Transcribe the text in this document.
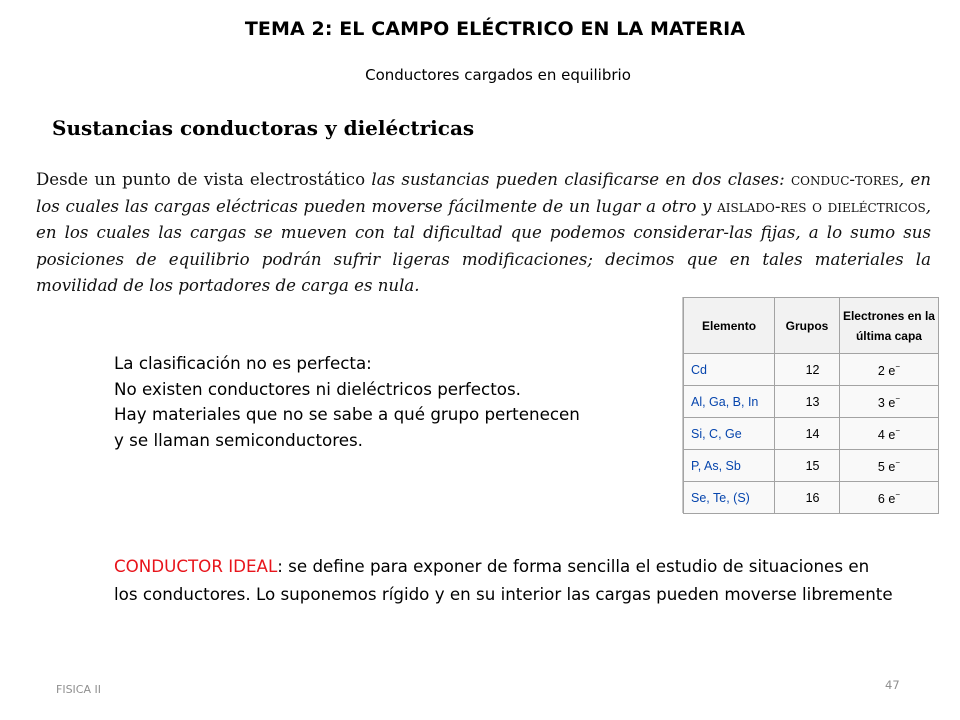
TEMA 2: EL CAMPO ELÉCTRICO EN LA MATERIA
Conductores cargados en equilibrio
Sustancias conductoras y dieléctricas
Desde un punto de vista electrostático las sustancias pueden clasificarse en dos clases: conduc-tores, en los cuales las cargas eléctricas pueden moverse fácilmente de un lugar a otro y aislado-res o dieléctricos, en los cuales las cargas se mueven con tal dificultad que podemos considerar-las fijas, a lo sumo sus posiciones de equilibrio podrán sufrir ligeras modificaciones; decimos que en tales materiales la movilidad de los portadores de carga es nula.
La clasificación no es perfecta:
No existen conductores ni dieléctricos perfectos.
Hay materiales que no se sabe a qué grupo pertenecen
y se llaman semiconductores.
Elemento	Grupos	Electrones en la última capa
Cd	12	2 e−
Al, Ga, B, In	13	3 e−
Si, C, Ge	14	4 e−
P, As, Sb	15	5 e−
Se, Te, (S)	16	6 e−
CONDUCTOR IDEAL: se define para exponer de forma sencilla el estudio de situaciones en los conductores. Lo suponemos rígido y en su interior las cargas pueden moverse libremente
FISICA II	47
